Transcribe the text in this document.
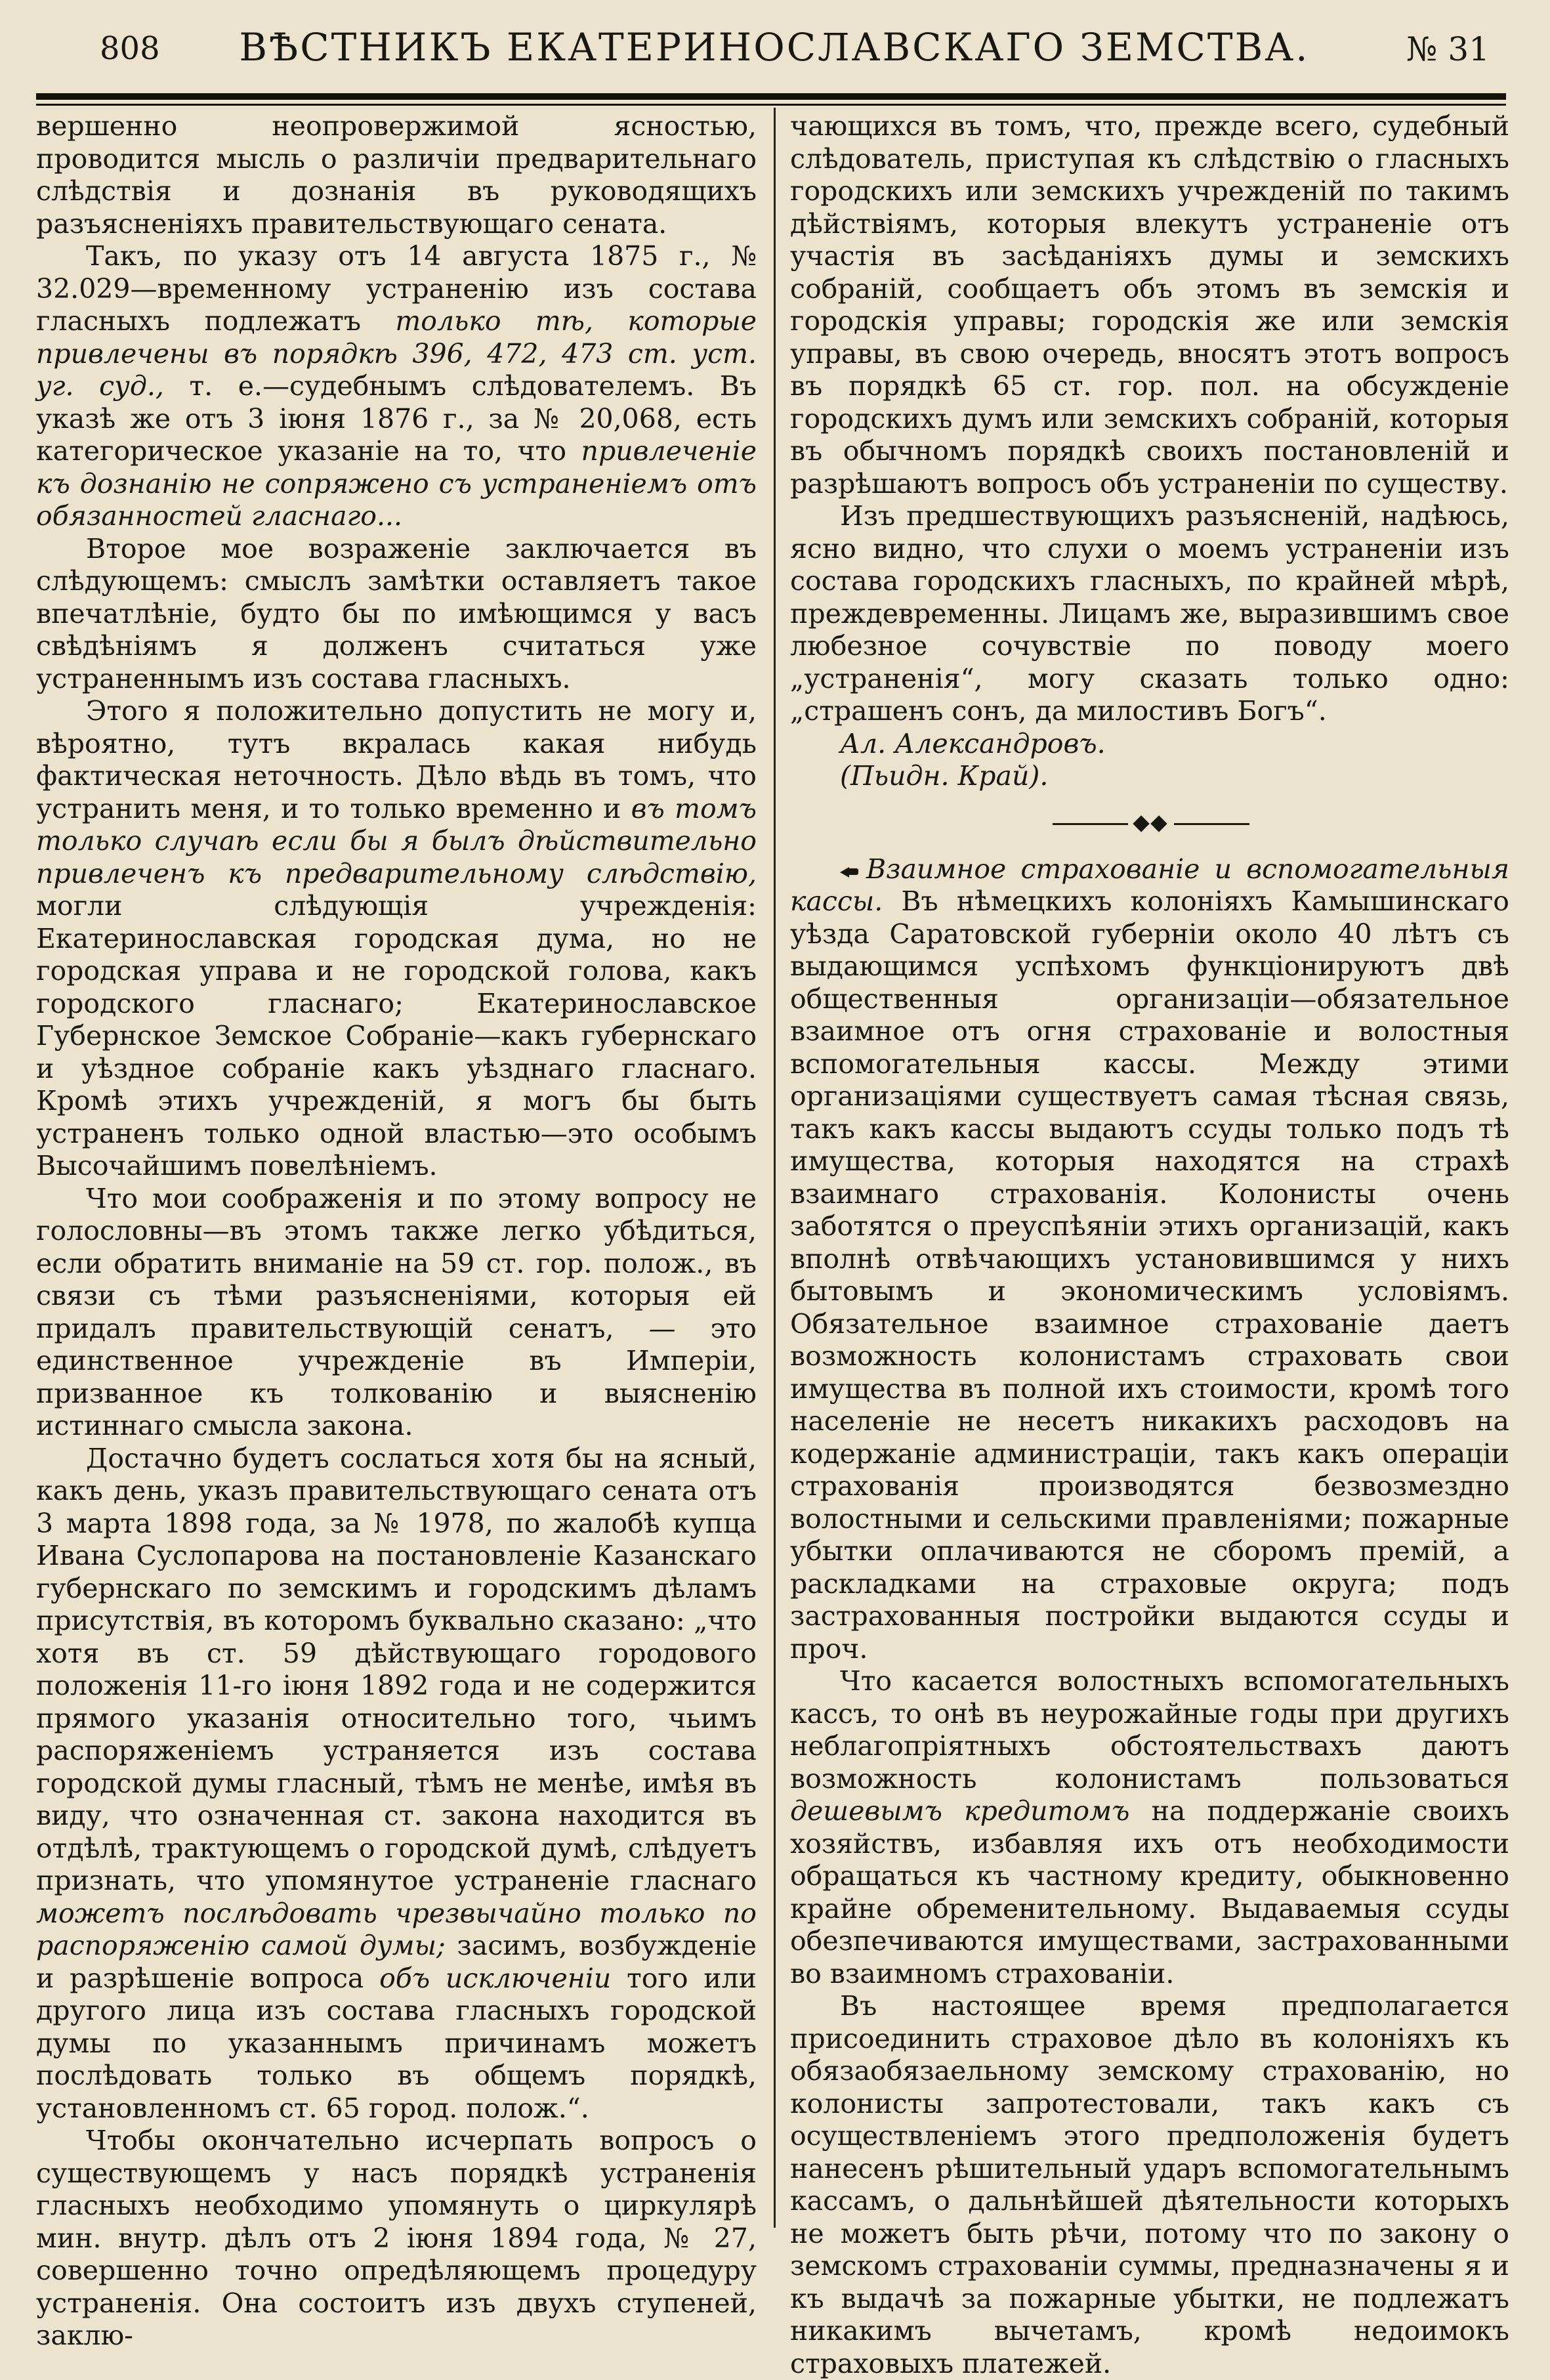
808	ВѢСТНИКЪ ЕКАТЕРИНОСЛАВСКАГО ЗЕМСТВА.	№ 31

вершенно неопровержимой ясностью, проводится мысль о различіи предварительнаго слѣдствія и дознанія въ руководящихъ разъясненіяхъ правительствующаго сената.

Такъ, по указу отъ 14 августа 1875 г., № 32.029—временному устраненію изъ состава гласныхъ подлежатъ только тѣ, которые привлечены въ порядкѣ 396, 472, 473 ст. уст. уг. суд., т. е.—судебнымъ слѣдователемъ. Въ указѣ же отъ 3 іюня 1876 г., за № 20,068, есть категорическое указаніе на то, что привлеченіе къ дознанію не сопряжено съ устраненіемъ отъ обязанностей гласнаго...

Второе мое возраженіе заключается въ слѣдующемъ: смыслъ замѣтки оставляетъ такое впечатлѣніе, будто бы по имѣющимся у васъ свѣдѣніямъ я долженъ считаться уже устраненнымъ изъ состава гласныхъ.

Этого я положительно допустить не могу и, вѣроятно, тутъ вкралась какая нибудь фактическая неточность. Дѣло вѣдь въ томъ, что устранить меня, и то только временно и въ томъ только случаѣ если бы я былъ дѣйствительно привлеченъ къ предварительному слѣдствію, могли слѣдующія учрежденія: Екатеринославская городская дума, но не городская управа и не городской голова, какъ городского гласнаго; Екатеринославское Губернское Земское Собраніе—какъ губернскаго и уѣздное собраніе какъ уѣзднаго гласнаго. Кромѣ этихъ учрежденій, я могъ бы быть устраненъ только одной властью—это особымъ Высочайшимъ повелѣніемъ.

Что мои соображенія и по этому вопросу не голословны—въ этомъ также легко убѣдиться, если обратить вниманіе на 59 ст. гор. полож., въ связи съ тѣми разъясненіями, которыя ей придалъ правительствующій сенатъ, — это единственное учрежденіе въ Имперіи, призванное къ толкованію и выясненію истиннаго смысла закона.

Достачно будетъ сослаться хотя бы на ясный, какъ день, указъ правительствующаго сената отъ 3 марта 1898 года, за № 1978, по жалобѣ купца Ивана Суслопарова на постановленіе Казанскаго губернскаго по земскимъ и городскимъ дѣламъ присутствія, въ которомъ буквально сказано: „что хотя въ ст. 59 дѣйствующаго городового положенія 11-го іюня 1892 года и не содержится прямого указанія относительно того, чьимъ распоряженіемъ устраняется изъ состава городской думы гласный, тѣмъ не менѣе, имѣя въ виду, что означенная ст. закона находится въ отдѣлѣ, трактующемъ о городской думѣ, слѣдуетъ признать, что упомянутое устраненіе гласнаго можетъ послѣдовать чрезвычайно только по распоряженію самой думы; засимъ, возбужденіе и разрѣшеніе вопроса объ исключеніи того или другого лица изъ состава гласныхъ городской думы по указаннымъ причинамъ можетъ послѣдовать только въ общемъ порядкѣ, установленномъ ст. 65 город. полож.“.

Чтобы окончательно исчерпать вопросъ о существующемъ у насъ порядкѣ устраненія гласныхъ необходимо упомянуть о циркулярѣ мин. внутр. дѣлъ отъ 2 іюня 1894 года, № 27, совершенно точно опредѣляющемъ процедуру устраненія. Она состоитъ изъ двухъ ступеней, заклю-

чающихся въ томъ, что, прежде всего, судебный слѣдователь, приступая къ слѣдствію о гласныхъ городскихъ или земскихъ учрежденій по такимъ дѣйствіямъ, которыя влекутъ устраненіе отъ участія въ засѣданіяхъ думы и земскихъ собраній, сообщаетъ объ этомъ въ земскія и городскія управы; городскія же или земскія управы, въ свою очередь, вносятъ этотъ вопросъ въ порядкѣ 65 ст. гор. пол. на обсужденіе городскихъ думъ или земскихъ собраній, которыя въ обычномъ порядкѣ своихъ постановленій и разрѣшаютъ вопросъ объ устраненіи по существу.

Изъ предшествующихъ разъясненій, надѣюсь, ясно видно, что слухи о моемъ устраненіи изъ состава городскихъ гласныхъ, по крайней мѣрѣ, преждевременны. Лицамъ же, выразившимъ свое любезное сочувствіе по поводу моего „устраненія“, могу сказать только одно: „страшенъ сонъ, да милостивъ Богъ“.

Ал. Александровъ.

(Пьидн. Край).

Взаимное страхованіе и вспомогательныя кассы. Въ нѣмецкихъ колоніяхъ Камышинскаго уѣзда Саратовской губерніи около 40 лѣтъ съ выдающимся успѣхомъ функціонируютъ двѣ общественныя организаціи—обязательное взаимное отъ огня страхованіе и волостныя вспомогательныя кассы. Между этими организаціями существуетъ самая тѣсная связь, такъ какъ кассы выдаютъ ссуды только подъ тѣ имущества, которыя находятся на страхѣ взаимнаго страхованія. Колонисты очень заботятся о преуспѣяніи этихъ организацій, какъ вполнѣ отвѣчающихъ установившимся у нихъ бытовымъ и экономическимъ условіямъ. Обязательное взаимное страхованіе даетъ возможность колонистамъ страховать свои имущества въ полной ихъ стоимости, кромѣ того населеніе не несетъ никакихъ расходовъ на кодержаніе администраціи, такъ какъ операціи страхованія производятся безвозмездно волостными и сельскими правленіями; пожарные убытки оплачиваются не сборомъ премій, а раскладками на страховые округа; подъ застрахованныя постройки выдаются ссуды и проч.

Что касается волостныхъ вспомогательныхъ кассъ, то онѣ въ неурожайные годы при другихъ неблагопріятныхъ обстоятельствахъ даютъ возможность колонистамъ пользоваться дешевымъ кредитомъ на поддержаніе своихъ хозяйствъ, избавляя ихъ отъ необходимости обращаться къ частному кредиту, обыкновенно крайне обременительному. Выдаваемыя ссуды обезпечиваются имуществами, застрахованными во взаимномъ страхованіи.

Въ настоящее время предполагается присоединить страховое дѣло въ колоніяхъ къ обязаобязаельному земскому страхованію, но колонисты запротестовали, такъ какъ съ осуществленіемъ этого предположенія будетъ нанесенъ рѣшительный ударъ вспомогательнымъ кассамъ, о дальнѣйшей дѣятельности которыхъ не можетъ быть рѣчи, потому что по закону о земскомъ страхованіи суммы, предназначены я и къ выдачѣ за пожарные убытки, не подлежатъ никакимъ вычетамъ, кромѣ недоимокъ страховыхъ платежей.
